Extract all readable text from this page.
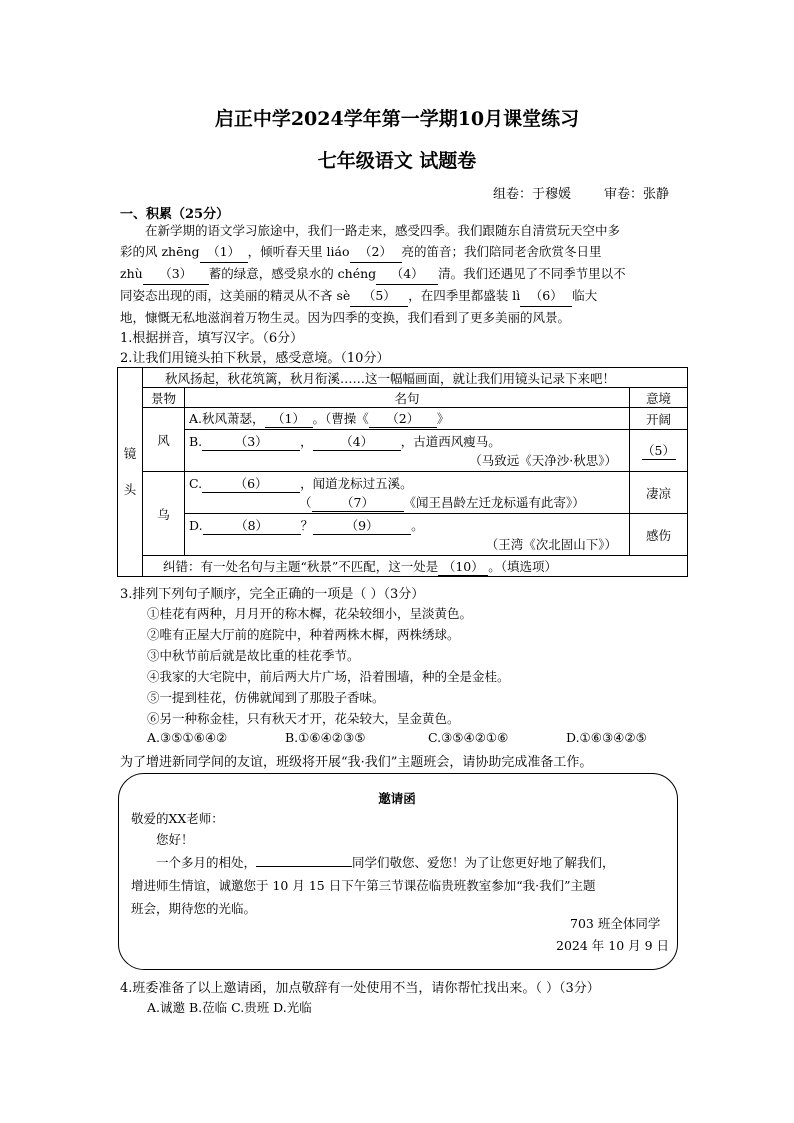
启正中学2024学年第一学期10月课堂练习
七年级语文 试题卷
组卷：于穆媛	审卷：张静
一、积累（25分）

在新学期的语文学习旅途中，我们一路走来，感受四季。我们跟随东自清赏玩天空中多

彩的风 zhēng （1） ，倾听春天里 liáo （2） 亮的笛音；我们陪同老舍欣赏冬日里

zhù （3） 蓄的绿意，感受泉水的 chéng （4） 清。我们还遇见了不同季节里以不

同姿态出现的雨，这美丽的精灵从不吝 sè （5） ，在四季里都盛装 lì （6） 临大

地，慷慨无私地滋润着万物生灵。因为四季的变换，我们看到了更多美丽的风景。

1.根据拼音，填写汉字。（6分）
2.让我们用镜头拍下秋景，感受意境。（10分）
镜头	秋风扬起，秋花筑篱，秋月衔溪……这一幅幅画面，就让我们用镜头记录下来吧！		
	景物	名句	意境
	风	A.秋风萧瑟， （1） 。（曹操《 （2） 》	开阔

		B. （3） ， （4） ，古道西风瘦马。
（马致远《天净沙·秋思》）	（5）
	乌	C. （6） ，闻道龙标过五溪。
（ （7） 《闻王昌龄左迁龙标遥有此寄》）	凄凉

		D. （8） ？ （9） 。
（王湾《次北固山下》）	感伤
	纠错：有一处名句与主题“秋景”不匹配，这一处是 （10） 。（填选项）		
3.排列下列句子顺序，完全正确的一项是（ ）（3分）
①桂花有两种，月月开的称木樨，花朵较细小，呈淡黄色。
②唯有正屋大厅前的庭院中，种着两株木樨，两株绣球。
③中秋节前后就是故比重的桂花季节。
④我家的大宅院中，前后两大片广场，沿着围墙，种的全是金桂。
⑤一提到桂花，仿佛就闻到了那股子香味。
⑥另一种称金桂，只有秋天才开，花朵较大，呈金黄色。
A.③⑤①⑥④②	B.①⑥④②③⑤	C.③⑤④②①⑥	D.①⑥③④②⑤
为了增进新同学间的友谊，班级将开展“我·我们”主题班会，请协助完成准备工作。
邀请函
敬爱的XX老师：
您好！
一个多月的相处，	同学们敬您、爱您！为了让您更好地了解我们，
增进师生情谊，诚邀您于 10 月 15 日下午第三节课莅临贵班教室参加“我·我们”主题
班会，期待您的光临。
703 班全体同学
2024 年 10 月 9 日
4.班委准备了以上邀请函，加点敬辞有一处使用不当，请你帮忙找出来。（ ）（3分）
A.诚邀 B.莅临 C.贵班 D.光临
